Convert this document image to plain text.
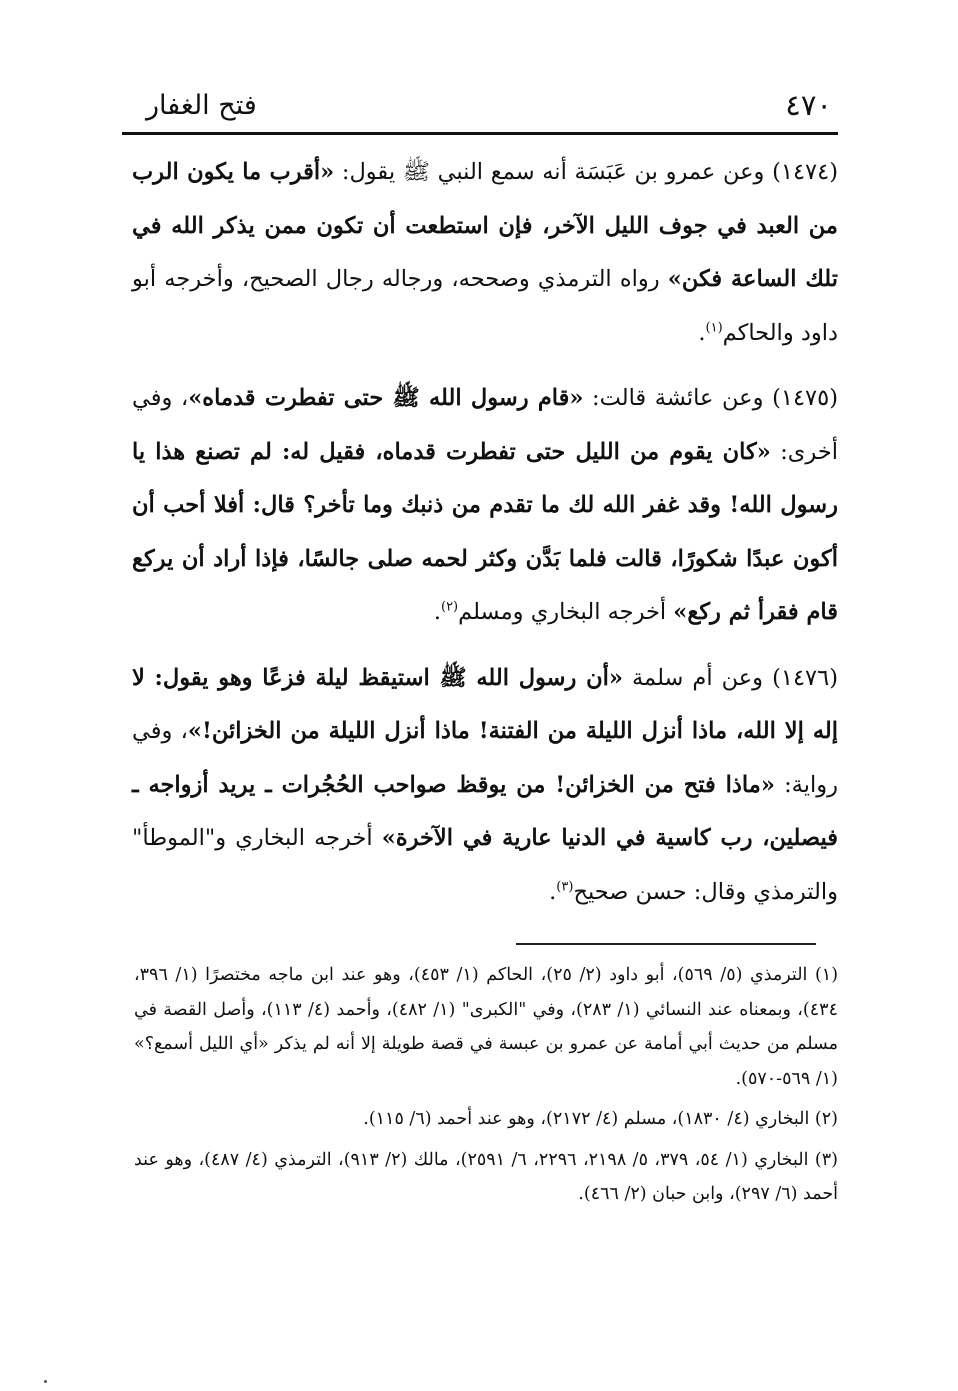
فتح الغفار	٤٧٠

(١٤٧٤) وعن عمرو بن عَبَسَة أنه سمع النبي ﷺ يقول: «أقرب ما يكون الرب من العبد في جوف الليل الآخر، فإن استطعت أن تكون ممن يذكر الله في تلك الساعة فكن» رواه الترمذي وصححه، ورجاله رجال الصحيح، وأخرجه أبو داود والحاكم$^{(١)}$.

(١٤٧٥) وعن عائشة قالت: «قام رسول الله ﷺ حتى تفطرت قدماه»، وفي أخرى: «كان يقوم من الليل حتى تفطرت قدماه، فقيل له: لم تصنع هذا يا رسول الله! وقد غفر الله لك ما تقدم من ذنبك وما تأخر؟ قال: أفلا أحب أن أكون عبدًا شكورًا، قالت فلما بَدَّن وكثر لحمه صلى جالسًا، فإذا أراد أن يركع قام فقرأ ثم ركع» أخرجه البخاري ومسلم$^{(٢)}$.

(١٤٧٦) وعن أم سلمة «أن رسول الله ﷺ استيقظ ليلة فزعًا وهو يقول: لا إله إلا الله، ماذا أنزل الليلة من الفتنة! ماذا أنزل الليلة من الخزائن!»، وفي رواية: «ماذا فتح من الخزائن! من يوقظ صواحب الحُجُرات ـ يريد أزواجه ـ فيصلين، رب كاسية في الدنيا عارية في الآخرة» أخرجه البخاري و"الموطأ" والترمذي وقال: حسن صحيح$^{(٣)}$.

(١) الترمذي (٥/ ٥٦٩)، أبو داود (٢/ ٢٥)، الحاكم (١/ ٤٥٣)، وهو عند ابن ماجه مختصرًا (١/ ٣٩٦، ٤٣٤)، وبمعناه عند النسائي (١/ ٢٨٣)، وفي "الكبرى" (١/ ٤٨٢)، وأحمد (٤/ ١١٣)، وأصل القصة في مسلم من حديث أبي أمامة عن عمرو بن عبسة في قصة طويلة إلا أنه لم يذكر «أي الليل أسمع؟» (١/ ٥٦٩-٥٧٠).

(٢) البخاري (٤/ ١٨٣٠)، مسلم (٤/ ٢١٧٢)، وهو عند أحمد (٦/ ١١٥).

(٣) البخاري (١/ ٥٤، ٣٧٩، ٥/ ٢١٩٨، ٢٢٩٦، ٦/ ٢٥٩١)، مالك (٢/ ٩١٣)، الترمذي (٤/ ٤٨٧)، وهو عند أحمد (٦/ ٢٩٧)، وابن حبان (٢/ ٤٦٦).
